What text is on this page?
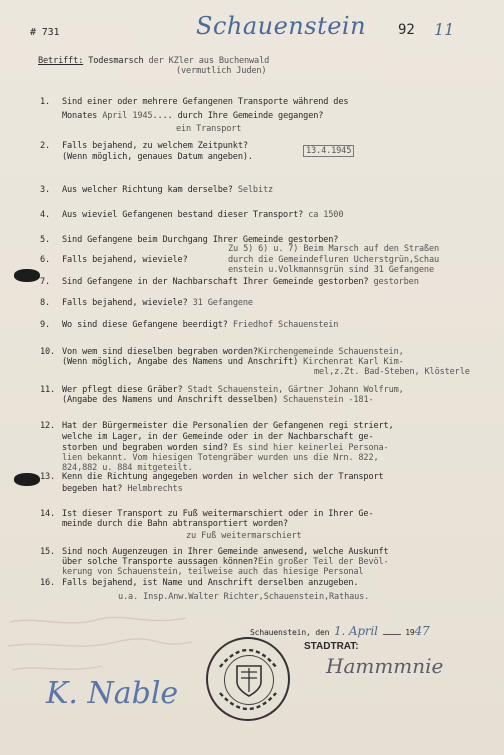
# 731	Schauenstein 92 11
Betrifft: Todesmarsch der KZler aus Buchenwald
(vermutlich Juden)
1. Sind einer oder mehrere Gefangenen Transporte während des
Monates April 1945.... durch Ihre Gemeinde gegangen?
ein Transport
2. Falls bejahend, zu welchem Zeitpunkt?
(Wenn möglich, genaues Datum angeben).
13.4.1945
3. Aus welcher Richtung kam derselbe? Selbitz
4. Aus wieviel Gefangenen bestand dieser Transport? ca 1500
5. Sind Gefangene beim Durchgang Ihrer Gemeinde gestorben?
Zu 5) 6) u. 7) Beim Marsch auf den Straßen
6. Falls bejahend, wieviele?	durch die Gemeindefluren Ucherstgrün,Schau
enstein u.Volkmannsgrün sind 31 Gefangene
7. Sind Gefangene in der Nachbarschaft Ihrer Gemeinde gestorben? gestorben
8. Falls bejahend, wieviele? 31 Gefangene
9. Wo sind diese Gefangene beerdigt? Friedhof Schauenstein
10. Von wem sind dieselben begraben worden?Kirchengemeinde Schauenstein,
(Wenn möglich, Angabe des Namens und Anschrift) Kirchenrat Karl Kim-
mel,z.Zt. Bad-Steben, Klösterle
11. Wer pflegt diese Gräber? Stadt Schauenstein, Gärtner Johann Wolfrum,
(Angabe des Namens und Anschrift desselben) Schauenstein -181-
12. Hat der Bürgermeister die Personalien der Gefangenen regi striert,
welche im Lager, in der Gemeinde oder in der Nachbarschaft ge-
storben und begraben worden sind? Es sind hier keinerlei Persona-
lien bekannt. Vom hiesigen Totengräber wurden uns die Nrn. 822,
824,882 u. 884 mitgeteilt.
13. Kenn die Richtung angegeben worden in welcher sich der Transport
begeben hat? Helmbrechts
14. Ist dieser Transport zu Fuß weitermarschiert oder in Ihrer Ge-
meinde durch die Bahn abtransportiert worden?
zu Fuß weitermarschiert
15. Sind noch Augenzeugen in Ihrer Gemeinde anwesend, welche Auskunft
über solche Transporte aussagen können?Ein großer Teil der Bevöl-
kerung von Schauenstein, teilweise auch das hiesige Personal
16. Falls bejahend, ist Name und Anschrift derselben anzugeben.
u.a. Insp.Anw.Walter Richter,Schauenstein,Rathaus.
Schauenstein, den 1. April	1947
STADTRAT:
Hammmnie
K. Nable
